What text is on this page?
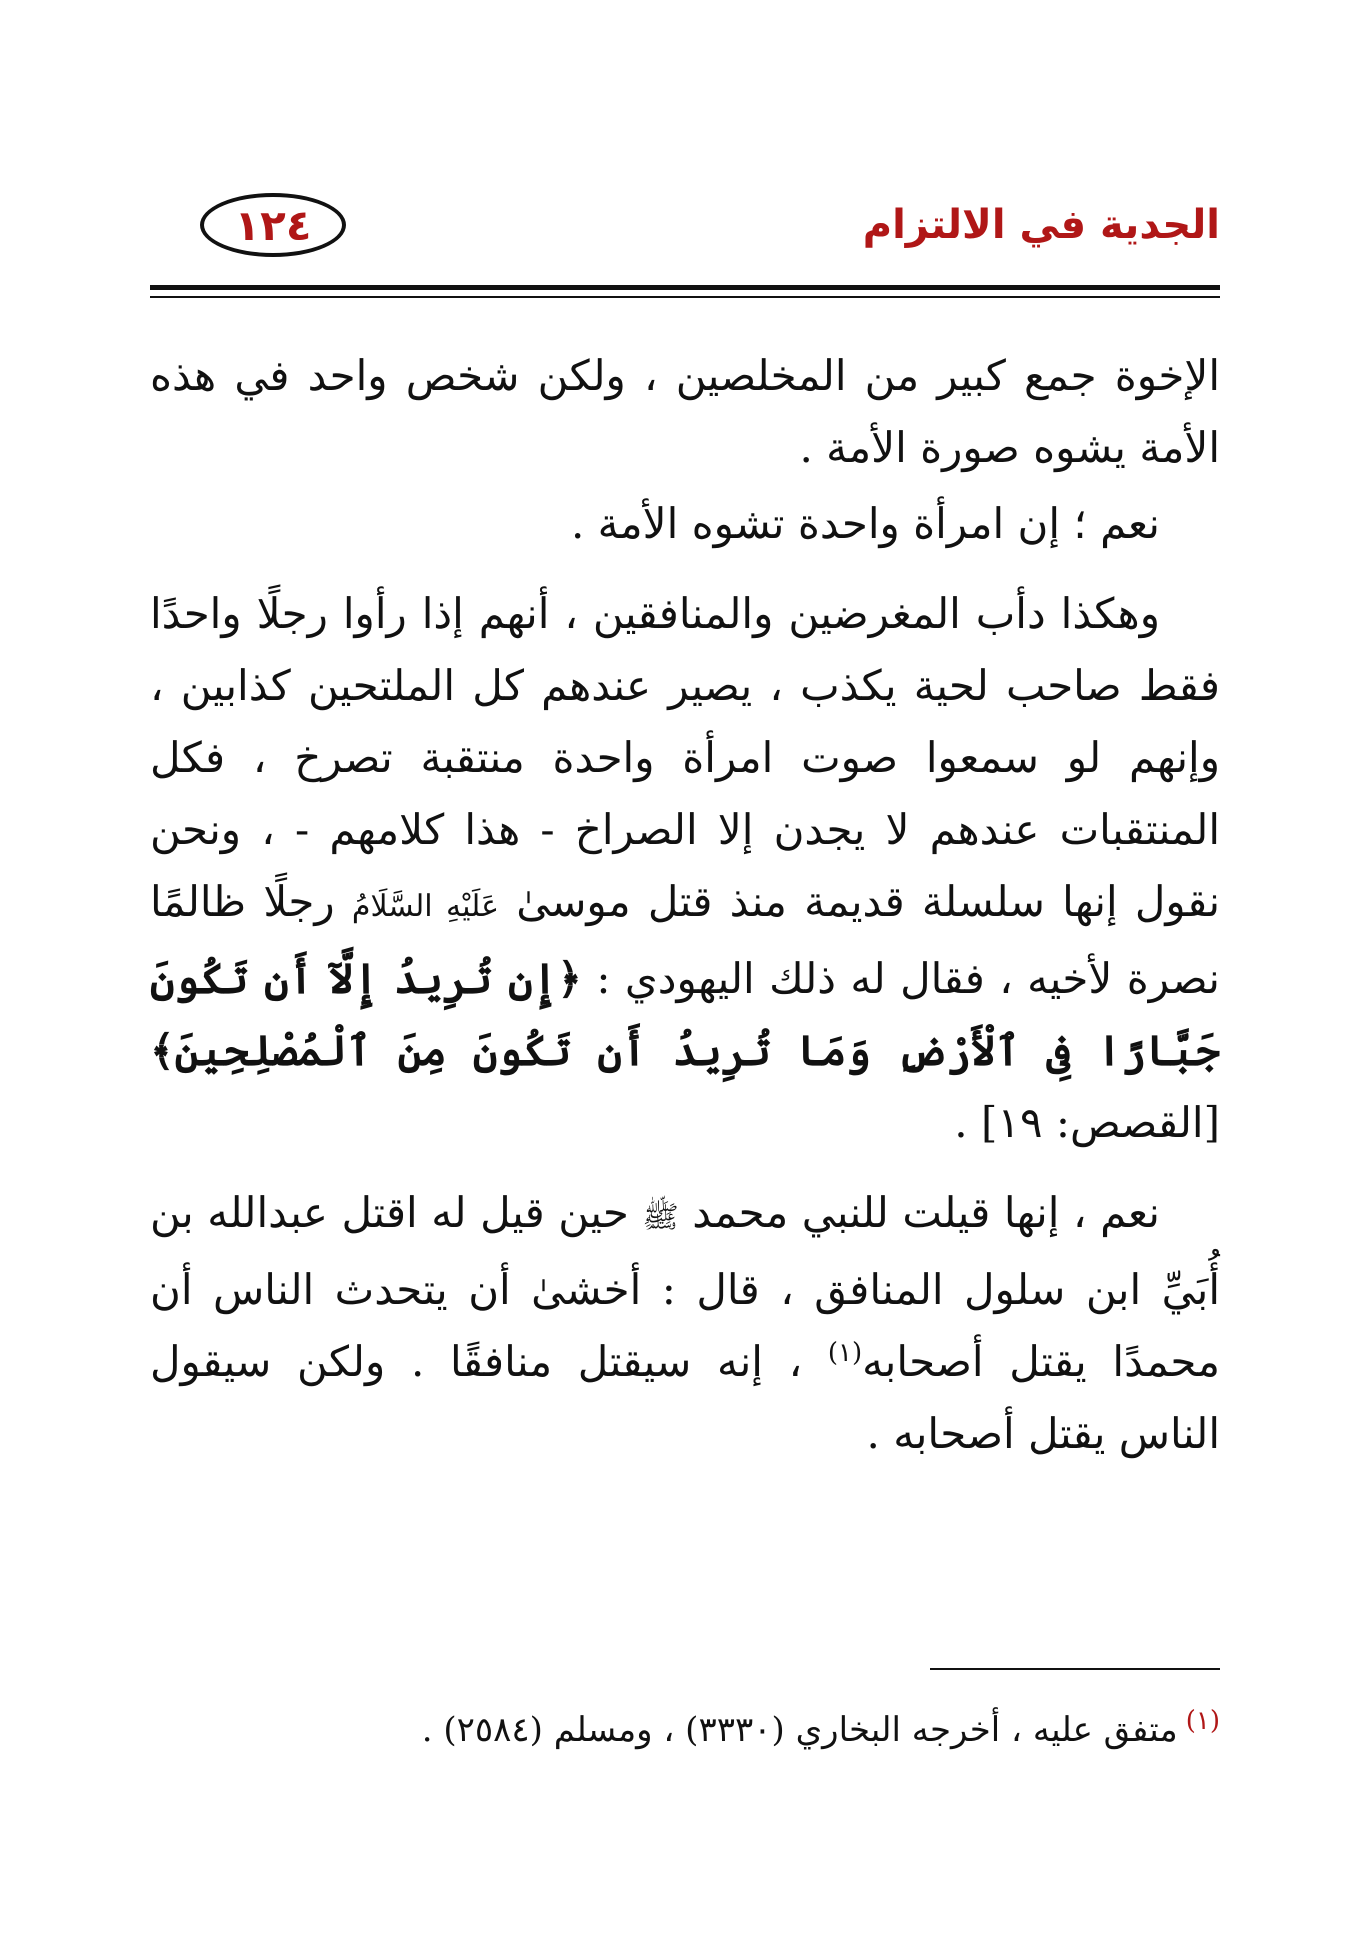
الجدية في الالتزام
١٢٤

الإخوة جمع كبير من المخلصين ، ولكن شخص واحد في هذه الأمة يشوه صورة الأمة .

نعم ؛ إن امرأة واحدة تشوه الأمة .

وهكذا دأب المغرضين والمنافقين ، أنهم إذا رأوا رجلًا واحدًا فقط صاحب لحية يكذب ، يصير عندهم كل الملتحين كذابين ، وإنهم لو سمعوا صوت امرأة واحدة منتقبة تصرخ ، فكل المنتقبات عندهم لا يجدن إلا الصراخ - هذا كلامهم - ، ونحن نقول إنها سلسلة قديمة منذ قتل موسىٰ عَلَيْهِ السَّلَامُ رجلًا ظالمًا نصرة لأخيه ، فقال له ذلك اليهودي : ﴿إِن تُرِيدُ إِلَّآ أَن تَكُونَ جَبَّارًا فِى ٱلْأَرْضِ وَمَا تُرِيدُ أَن تَكُونَ مِنَ ٱلْمُصْلِحِينَ﴾ [القصص: ١٩] .

نعم ، إنها قيلت للنبي محمد ﷺ حين قيل له اقتل عبدالله بن أُبَيِّ ابن سلول المنافق ، قال : أخشىٰ أن يتحدث الناس أن محمدًا يقتل أصحابه$^{(١)}$ ، إنه سيقتل منافقًا . ولكن سيقول الناس يقتل أصحابه .

$^{(١)}$متفق عليه ، أخرجه البخاري (٣٣٣٠) ، ومسلم (٢٥٨٤) .
